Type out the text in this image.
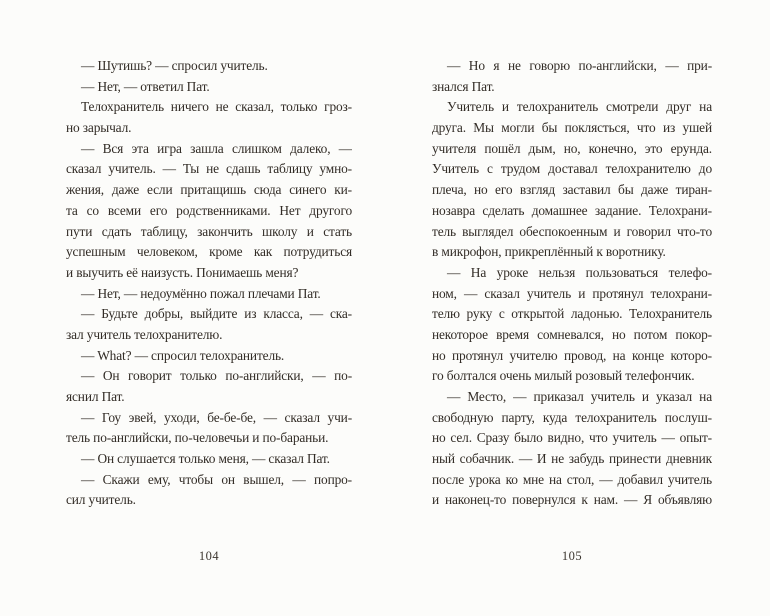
— Шутишь? — спросил учитель.
— Нет, — ответил Пат.
Телохранитель ничего не сказал, только гроз-
но зарычал.
— Вся эта игра зашла слишком далеко, —
сказал учитель. — Ты не сдашь таблицу умно-
жения, даже если притащишь сюда синего ки-
та со всеми его родственниками. Нет другого
пути сдать таблицу, закончить школу и стать
успешным человеком, кроме как потрудиться
и выучить её наизусть. Понимаешь меня?
— Нет, — недоумённо пожал плечами Пат.
— Будьте добры, выйдите из класса, — ска-
зал учитель телохранителю.
— What? — спросил телохранитель.
— Он говорит только по-английски, — по-
яснил Пат.
— Гоу эвей, уходи, бе-бе-бе, — сказал учи-
тель по-английски, по-человечьи и по-бараньи.
— Он слушается только меня, — сказал Пат.
— Скажи ему, чтобы он вышел, — попро-
сил учитель.
— Но я не говорю по-английски, — при-
знался Пат.
Учитель и телохранитель смотрели друг на
друга. Мы могли бы поклясться, что из ушей
учителя пошёл дым, но, конечно, это ерунда.
Учитель с трудом доставал телохранителю до
плеча, но его взгляд заставил бы даже тиран-
нозавра сделать домашнее задание. Телохрани-
тель выглядел обеспокоенным и говорил что-то
в микрофон, прикреплённый к воротнику.
— На уроке нельзя пользоваться телефо-
ном, — сказал учитель и протянул телохрани-
телю руку с открытой ладонью. Телохранитель
некоторое время сомневался, но потом покор-
но протянул учителю провод, на конце которо-
го болтался очень милый розовый телефончик.
— Место, — приказал учитель и указал на
свободную парту, куда телохранитель послуш-
но сел. Сразу было видно, что учитель — опыт-
ный собачник. — И не забудь принести дневник
после урока ко мне на стол, — добавил учитель
и наконец-то повернулся к нам. — Я объявляю
104	105
